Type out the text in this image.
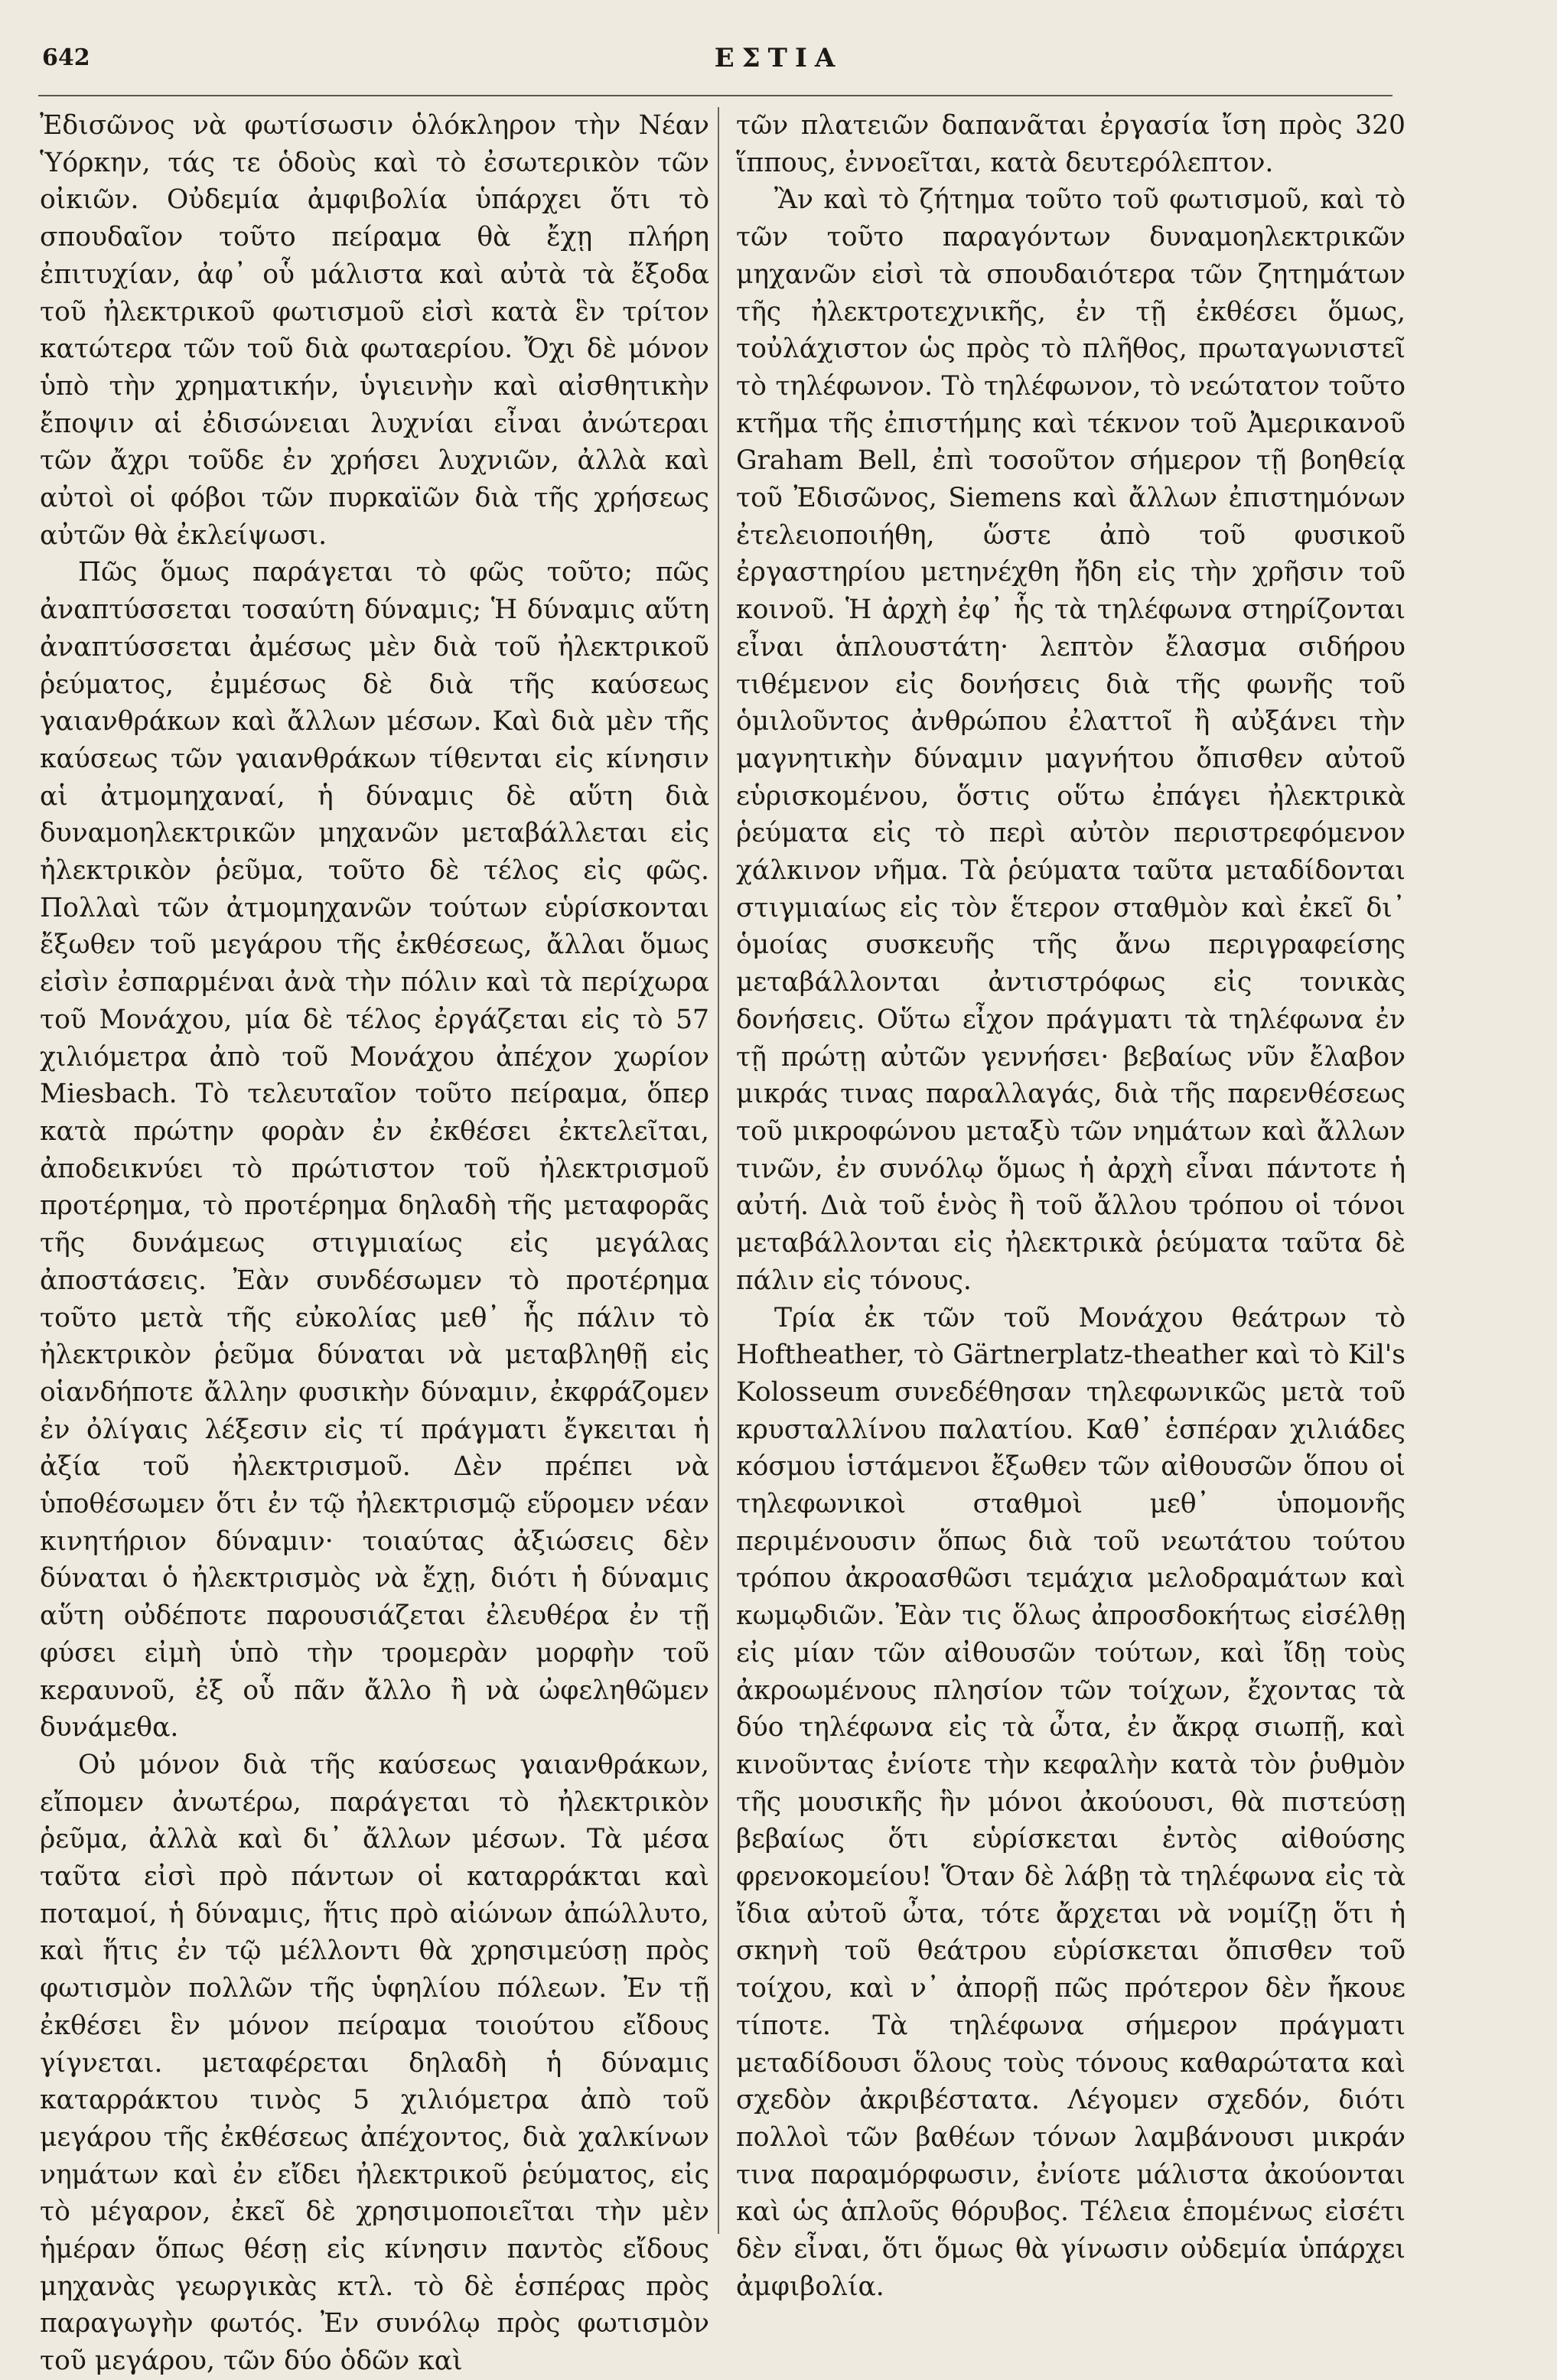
642	ΕΣΤΙΑ

Ἐδισῶνος νὰ φωτίσωσιν ὁλόκληρον τὴν Νέαν Ὑόρκην, τάς τε ὁδοὺς καὶ τὸ ἐσωτερικὸν τῶν οἰκιῶν. Οὐδεμία ἀμφιβολία ὑπάρχει ὅτι τὸ σπουδαῖον τοῦτο πείραμα θὰ ἔχῃ πλήρη ἐπιτυχίαν, ἀφ᾽ οὗ μάλιστα καὶ αὐτὰ τὰ ἔξοδα τοῦ ἠλεκτρικοῦ φωτισμοῦ εἰσὶ κατὰ ἓν τρίτον κατώτερα τῶν τοῦ διὰ φωταερίου. Ὄχι δὲ μόνον ὑπὸ τὴν χρηματικήν, ὑγιεινὴν καὶ αἰσθητικὴν ἔποψιν αἱ ἐδισώνειαι λυχνίαι εἶναι ἀνώτεραι τῶν ἄχρι τοῦδε ἐν χρήσει λυχνιῶν, ἀλλὰ καὶ αὐτοὶ οἱ φόβοι τῶν πυρκαϊῶν διὰ τῆς χρήσεως αὐτῶν θὰ ἐκλείψωσι.

Πῶς ὅμως παράγεται τὸ φῶς τοῦτο; πῶς ἀναπτύσσεται τοσαύτη δύναμις; Ἡ δύναμις αὕτη ἀναπτύσσεται ἀμέσως μὲν διὰ τοῦ ἠλεκτρικοῦ ῥεύματος, ἐμμέσως δὲ διὰ τῆς καύσεως γαιανθράκων καὶ ἄλλων μέσων. Καὶ διὰ μὲν τῆς καύσεως τῶν γαιανθράκων τίθενται εἰς κίνησιν αἱ ἀτμομηχαναί, ἡ δύναμις δὲ αὕτη διὰ δυναμοηλεκτρικῶν μηχανῶν μεταβάλλεται εἰς ἠλεκτρικὸν ῥεῦμα, τοῦτο δὲ τέλος εἰς φῶς. Πολλαὶ τῶν ἀτμομηχανῶν τούτων εὑρίσκονται ἔξωθεν τοῦ μεγάρου τῆς ἐκθέσεως, ἄλλαι ὅμως εἰσὶν ἐσπαρμέναι ἀνὰ τὴν πόλιν καὶ τὰ περίχωρα τοῦ Μονάχου, μία δὲ τέλος ἐργάζεται εἰς τὸ 57 χιλιόμετρα ἀπὸ τοῦ Μονάχου ἀπέχον χωρίον Miesbach. Τὸ τελευταῖον τοῦτο πείραμα, ὅπερ κατὰ πρώτην φορὰν ἐν ἐκθέσει ἐκτελεῖται, ἀποδεικνύει τὸ πρώτιστον τοῦ ἠλεκτρισμοῦ προτέρημα, τὸ προτέρημα δηλαδὴ τῆς μεταφορᾶς τῆς δυνάμεως στιγμιαίως εἰς μεγάλας ἀποστάσεις. Ἐὰν συνδέσωμεν τὸ προτέρημα τοῦτο μετὰ τῆς εὐκολίας μεθ᾽ ἧς πάλιν τὸ ἠλεκτρικὸν ῥεῦμα δύναται νὰ μεταβληθῇ εἰς οἱανδήποτε ἄλλην φυσικὴν δύναμιν, ἐκφράζομεν ἐν ὀλίγαις λέξεσιν εἰς τί πράγματι ἔγκειται ἡ ἀξία τοῦ ἠλεκτρισμοῦ. Δὲν πρέπει νὰ ὑποθέσωμεν ὅτι ἐν τῷ ἠλεκτρισμῷ εὕρομεν νέαν κινητήριον δύναμιν· τοιαύτας ἀξιώσεις δὲν δύναται ὁ ἠλεκτρισμὸς νὰ ἔχῃ, διότι ἡ δύναμις αὕτη οὐδέποτε παρουσιάζεται ἐλευθέρα ἐν τῇ φύσει εἰμὴ ὑπὸ τὴν τρομερὰν μορφὴν τοῦ κεραυνοῦ, ἐξ οὗ πᾶν ἄλλο ἢ νὰ ὠφεληθῶμεν δυνάμεθα.

Οὐ μόνον διὰ τῆς καύσεως γαιανθράκων, εἴπομεν ἀνωτέρω, παράγεται τὸ ἠλεκτρικὸν ῥεῦμα, ἀλλὰ καὶ δι᾽ ἄλλων μέσων. Τὰ μέσα ταῦτα εἰσὶ πρὸ πάντων οἱ καταρράκται καὶ ποταμοί, ἡ δύναμις, ἥτις πρὸ αἰώνων ἀπώλλυτο, καὶ ἥτις ἐν τῷ μέλλοντι θὰ χρησιμεύσῃ πρὸς φωτισμὸν πολλῶν τῆς ὑφηλίου πόλεων. Ἐν τῇ ἐκθέσει ἓν μόνον πείραμα τοιούτου εἴδους γίγνεται. μεταφέρεται δηλαδὴ ἡ δύναμις καταρράκτου τινὸς 5 χιλιόμετρα ἀπὸ τοῦ μεγάρου τῆς ἐκθέσεως ἀπέχοντος, διὰ χαλκίνων νημάτων καὶ ἐν εἴδει ἠλεκτρικοῦ ῥεύματος, εἰς τὸ μέγαρον, ἐκεῖ δὲ χρησιμοποιεῖται τὴν μὲν ἡμέραν ὅπως θέσῃ εἰς κίνησιν παντὸς εἴδους μηχανὰς γεωργικὰς κτλ. τὸ δὲ ἑσπέρας πρὸς παραγωγὴν φωτός. Ἐν συνόλῳ πρὸς φωτισμὸν τοῦ μεγάρου, τῶν δύο ὁδῶν καὶ

τῶν πλατειῶν δαπανᾶται ἐργασία ἴση πρὸς 320 ἵππους, ἐννοεῖται, κατὰ δευτερόλεπτον.

Ἂν καὶ τὸ ζήτημα τοῦτο τοῦ φωτισμοῦ, καὶ τὸ τῶν τοῦτο παραγόντων δυναμοηλεκτρικῶν μηχανῶν εἰσὶ τὰ σπουδαιότερα τῶν ζητημάτων τῆς ἠλεκτροτεχνικῆς, ἐν τῇ ἐκθέσει ὅμως, τοὐλάχιστον ὡς πρὸς τὸ πλῆθος, πρωταγωνιστεῖ τὸ τηλέφωνον. Τὸ τηλέφωνον, τὸ νεώτατον τοῦτο κτῆμα τῆς ἐπιστήμης καὶ τέκνον τοῦ Ἀμερικανοῦ Graham Bell, ἐπὶ τοσοῦτον σήμερον τῇ βοηθείᾳ τοῦ Ἐδισῶνος, Siemens καὶ ἄλλων ἐπιστημόνων ἐτελειοποιήθη, ὥστε ἀπὸ τοῦ φυσικοῦ ἐργαστηρίου μετηνέχθη ἤδη εἰς τὴν χρῆσιν τοῦ κοινοῦ. Ἡ ἀρχὴ ἐφ᾽ ἧς τὰ τηλέφωνα στηρίζονται εἶναι ἁπλουστάτη· λεπτὸν ἔλασμα σιδήρου τιθέμενον εἰς δονήσεις διὰ τῆς φωνῆς τοῦ ὁμιλοῦντος ἀνθρώπου ἐλαττοῖ ἢ αὐξάνει τὴν μαγνητικὴν δύναμιν μαγνήτου ὄπισθεν αὐτοῦ εὑρισκομένου, ὅστις οὕτω ἐπάγει ἠλεκτρικὰ ῥεύματα εἰς τὸ περὶ αὐτὸν περιστρεφόμενον χάλκινον νῆμα. Τὰ ῥεύματα ταῦτα μεταδίδονται στιγμιαίως εἰς τὸν ἕτερον σταθμὸν καὶ ἐκεῖ δι᾽ ὁμοίας συσκευῆς τῆς ἄνω περιγραφείσης μεταβάλλονται ἀντιστρόφως εἰς τονικὰς δονήσεις. Οὕτω εἶχον πράγματι τὰ τηλέφωνα ἐν τῇ πρώτῃ αὐτῶν γεννήσει· βεβαίως νῦν ἔλαβον μικράς τινας παραλλαγάς, διὰ τῆς παρενθέσεως τοῦ μικροφώνου μεταξὺ τῶν νημάτων καὶ ἄλλων τινῶν, ἐν συνόλῳ ὅμως ἡ ἀρχὴ εἶναι πάντοτε ἡ αὐτή. Διὰ τοῦ ἑνὸς ἢ τοῦ ἄλλου τρόπου οἱ τόνοι μεταβάλλονται εἰς ἠλεκτρικὰ ῥεύματα ταῦτα δὲ πάλιν εἰς τόνους.

Τρία ἐκ τῶν τοῦ Μονάχου θεάτρων τὸ Hoftheather, τὸ Gärtnerplatz-theather καὶ τὸ Kil's Kolosseum συνεδέθησαν τηλεφωνικῶς μετὰ τοῦ κρυσταλλίνου παλατίου. Καθ᾽ ἑσπέραν χιλιάδες κόσμου ἱστάμενοι ἔξωθεν τῶν αἰθουσῶν ὅπου οἱ τηλεφωνικοὶ σταθμοὶ μεθ᾽ ὑπομονῆς περιμένουσιν ὅπως διὰ τοῦ νεωτάτου τούτου τρόπου ἀκροασθῶσι τεμάχια μελοδραμάτων καὶ κωμῳδιῶν. Ἐὰν τις ὅλως ἀπροσδοκήτως εἰσέλθῃ εἰς μίαν τῶν αἰθουσῶν τούτων, καὶ ἴδῃ τοὺς ἀκροωμένους πλησίον τῶν τοίχων, ἔχοντας τὰ δύο τηλέφωνα εἰς τὰ ὦτα, ἐν ἄκρᾳ σιωπῇ, καὶ κινοῦντας ἐνίοτε τὴν κεφαλὴν κατὰ τὸν ῥυθμὸν τῆς μουσικῆς ἣν μόνοι ἀκούουσι, θὰ πιστεύσῃ βεβαίως ὅτι εὑρίσκεται ἐντὸς αἰθούσης φρενοκομείου! Ὅταν δὲ λάβῃ τὰ τηλέφωνα εἰς τὰ ἴδια αὐτοῦ ὦτα, τότε ἄρχεται νὰ νομίζῃ ὅτι ἡ σκηνὴ τοῦ θεάτρου εὑρίσκεται ὄπισθεν τοῦ τοίχου, καὶ ν᾽ ἀπορῇ πῶς πρότερον δὲν ἤκουε τίποτε. Τὰ τηλέφωνα σήμερον πράγματι μεταδίδουσι ὅλους τοὺς τόνους καθαρώτατα καὶ σχεδὸν ἀκριβέστατα. Λέγομεν σχεδόν, διότι πολλοὶ τῶν βαθέων τόνων λαμβάνουσι μικράν τινα παραμόρφωσιν, ἐνίοτε μάλιστα ἀκούονται καὶ ὡς ἁπλοῦς θόρυβος. Τέλεια ἑπομένως εἰσέτι δὲν εἶναι, ὅτι ὅμως θὰ γίνωσιν οὐδεμία ὑπάρχει ἀμφιβολία.
